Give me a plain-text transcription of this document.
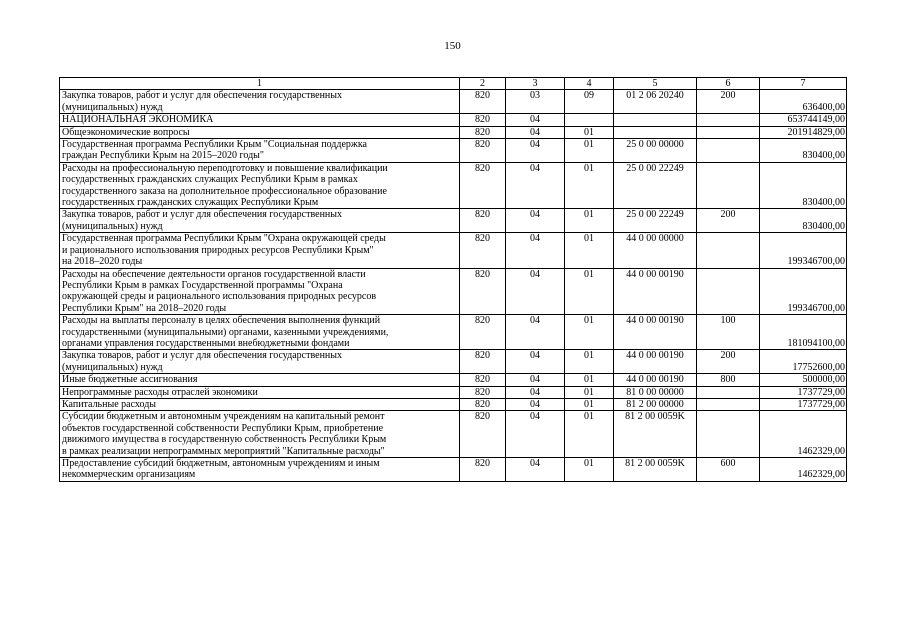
150
1	2	3	4	5	6	7

Закупка товаров, работ и услуг для обеспечения государственных
(муниципальных) нужд	820	03	09	01 2 06 20240	200	636400,00

НАЦИОНАЛЬНАЯ ЭКОНОМИКА	820	04				653744149,00

Общеэкономические вопросы	820	04	01			201914829,00

Государственная программа Республики Крым "Социальная поддержка
граждан Республики Крым на 2015–2020 годы"	820	04	01	25 0 00 00000		830400,00

Расходы на профессиональную переподготовку и повышение квалификации
государственных гражданских служащих Республики Крым в рамках
государственного заказа на дополнительное профессиональное образование
государственных гражданских служащих Республики Крым	820	04	01	25 0 00 22249		830400,00

Закупка товаров, работ и услуг для обеспечения государственных
(муниципальных) нужд	820	04	01	25 0 00 22249	200	830400,00

Государственная программа Республики Крым "Охрана окружающей среды
и рационального использования природных ресурсов Республики Крым"
на 2018–2020 годы	820	04	01	44 0 00 00000		199346700,00

Расходы на обеспечение деятельности органов государственной власти
Республики Крым в рамках Государственной программы "Охрана
окружающей среды и рационального использования природных ресурсов
Республики Крым" на 2018–2020 годы	820	04	01	44 0 00 00190		199346700,00

Расходы на выплаты персоналу в целях обеспечения выполнения функций
государственными (муниципальными) органами, казенными учреждениями,
органами управления государственными внебюджетными фондами	820	04	01	44 0 00 00190	100	181094100,00

Закупка товаров, работ и услуг для обеспечения государственных
(муниципальных) нужд	820	04	01	44 0 00 00190	200	17752600,00

Иные бюджетные ассигнования	820	04	01	44 0 00 00190	800	500000,00

Непрограммные расходы отраслей экономики	820	04	01	81 0 00 00000		1737729,00

Капитальные расходы	820	04	01	81 2 00 00000		1737729,00

Субсидии бюджетным и автономным учреждениям на капитальный ремонт
объектов государственной собственности Республики Крым, приобретение
движимого имущества в государственную собственность Республики Крым
в рамках реализации непрограммных мероприятий "Капитальные расходы"	820	04	01	81 2 00 0059K		1462329,00

Предоставление субсидий бюджетным, автономным учреждениям и иным
некоммерческим организациям	820	04	01	81 2 00 0059K	600	1462329,00
